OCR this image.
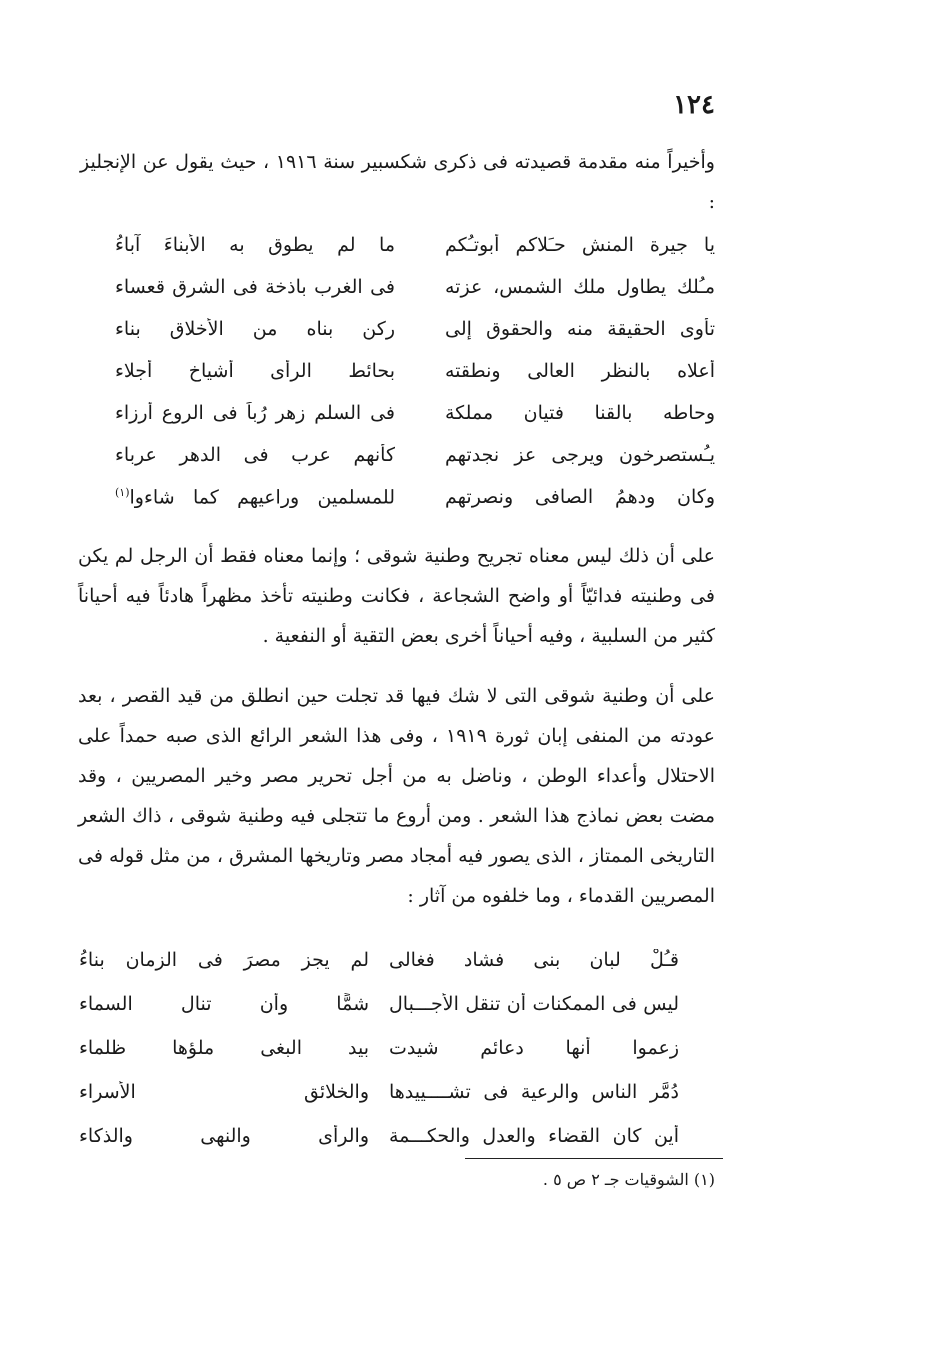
١٢٤
وأخيراً منه مقدمة قصيدته فى ذكرى شكسبير سنة ١٩١٦ ، حيث يقول عن الإنجليز :
يا جيرة المنش حـَلاكم أبوتـُكم
ما لم يطوق به الأبناءَ آباءُ
مـُلك يطاول ملك الشمس، عزته
فى الغرب باذخة فى الشرق قعساء
تأوى الحقيقة منه والحقوق إلى
ركن بناه من الأخلاق بناء
أعلاه بالنظر العالى ونطقته
بحائط الرأى أشياخ أجلاء
وحاطه بالقنا فتيان مملكة
فى السلم زهر رُباً فى الروع أرزاء
يـُستصرخون ويرجى عز نجدتهم
كأنهم عرب فى الدهر عرباء
وكان ودهمُ الصافى ونصرتهم
للمسلمين وراعيهم كما شاءوا$^{(١)}$
على أن ذلك ليس معناه تجريح وطنية شوقى ؛ وإنما معناه فقط أن الرجل لم يكن فى وطنيته فدائيّاً أو واضح الشجاعة ، فكانت وطنيته تأخذ مظهراً هادئاً فيه أحياناً كثير من السلبية ، وفيه أحياناً أخرى بعض التقية أو النفعية .
على أن وطنية شوقى التى لا شك فيها قد تجلت حين انطلق من قيد القصر ، بعد عودته من المنفى إبان ثورة ١٩١٩ ، وفى هذا الشعر الرائع الذى صبه حمداً على الاحتلال وأعداء الوطن ، وناضل به من أجل تحرير مصر وخير المصريين ، وقد مضت بعض نماذج هذا الشعر . ومن أروع ما تتجلى فيه وطنية شوقى ، ذاك الشعر التاريخى الممتاز ، الذى يصور فيه أمجاد مصر وتاريخها المشرق ، من مثل قوله فى المصريين القدماء ، وما خلفوه من آثار :
قـُلْ لبان بنى فشاد فغالى
لم يجز مصرَ فى الزمان بناءُ
ليس فى الممكنات أن تنقل الأجـــبال
شمًّا وأن تنال السماء
زعموا أنها دعائم شيدت
بيد البغى ملؤها ظلماء
دُمَّر الناس والرعية فى تشــــييدها
والخلائق الأسراء
أين كان القضاء والعدل والحكـــمة
والرأى والنهى والذكاء
(١) الشوقيات جـ ٢ ص ٥ .
